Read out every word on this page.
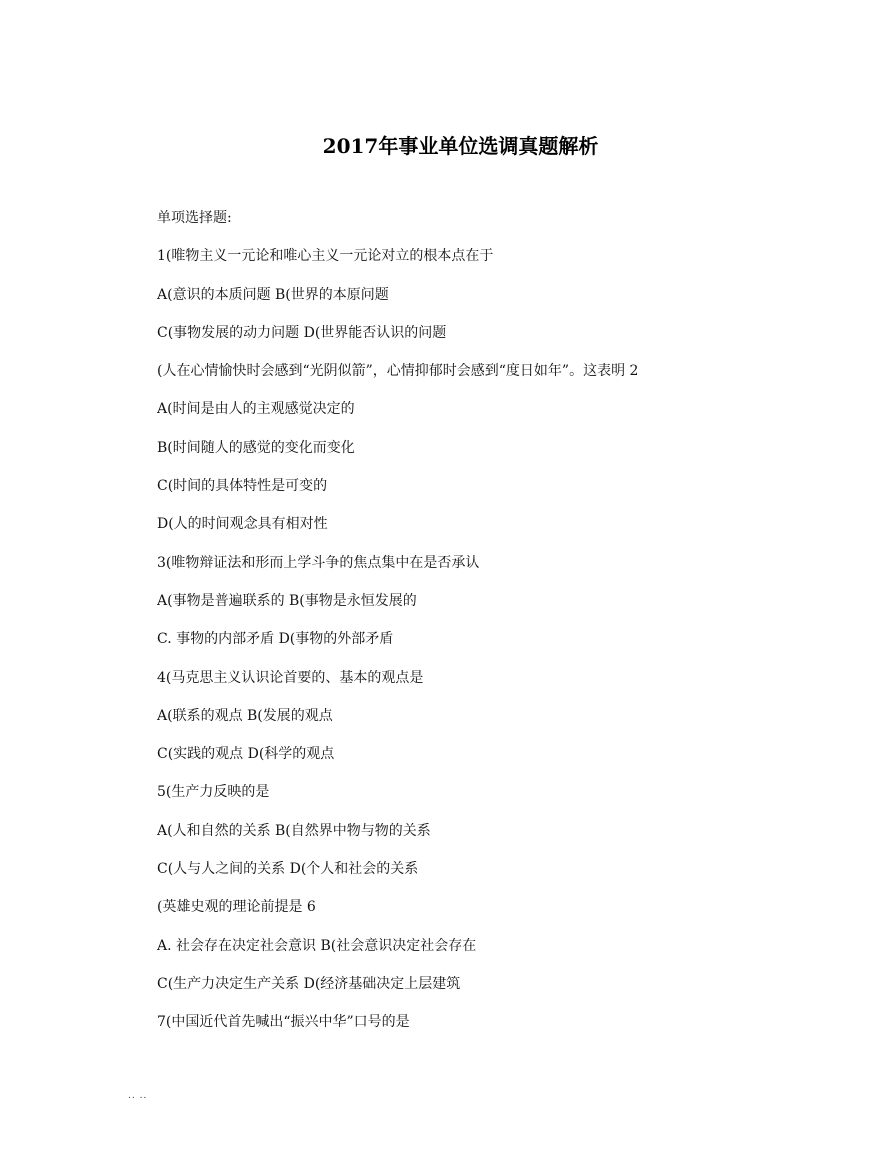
2017年事业单位选调真题解析
单项选择题:
1(唯物主义一元论和唯心主义一元论对立的根本点在于
A(意识的本质问题 B(世界的本原问题
C(事物发展的动力问题 D(世界能否认识的问题
(人在心情愉快时会感到“光阴似箭”，心情抑郁时会感到“度日如年”。这表明 2
A(时间是由人的主观感觉决定的
B(时间随人的感觉的变化而变化
C(时间的具体特性是可变的
D(人的时间观念具有相对性
3(唯物辩证法和形而上学斗争的焦点集中在是否承认
A(事物是普遍联系的 B(事物是永恒发展的
C. 事物的内部矛盾 D(事物的外部矛盾
4(马克思主义认识论首要的、基本的观点是
A(联系的观点 B(发展的观点
C(实践的观点 D(科学的观点
5(生产力反映的是
A(人和自然的关系 B(自然界中物与物的关系
C(人与人之间的关系 D(个人和社会的关系
(英雄史观的理论前提是 6
A. 社会存在决定社会意识 B(社会意识决定社会存在
C(生产力决定生产关系 D(经济基础决定上层建筑
7(中国近代首先喊出“振兴中华”口号的是
.. ..
